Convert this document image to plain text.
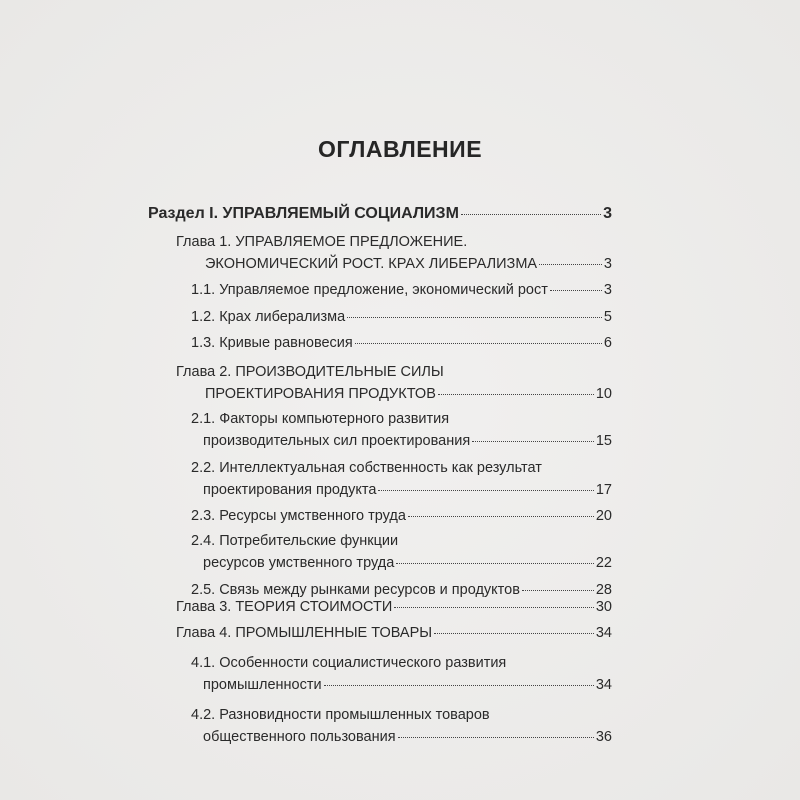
ОГЛАВЛЕНИЕ
Раздел I. УПРАВЛЯЕМЫЙ СОЦИАЛИЗМ	3
Глава 1. УПРАВЛЯЕМОЕ ПРЕДЛОЖЕНИЕ.
ЭКОНОМИЧЕСКИЙ РОСТ. КРАХ ЛИБЕРАЛИЗМА	3
1.1. Управляемое предложение, экономический рост	3
1.2. Крах либерализма	5
1.3. Кривые равновесия	6
Глава 2. ПРОИЗВОДИТЕЛЬНЫЕ СИЛЫ
ПРОЕКТИРОВАНИЯ ПРОДУКТОВ	10
2.1. Факторы компьютерного развития
производительных сил проектирования	15
2.2. Интеллектуальная собственность как результат
проектирования продукта	17
2.3. Ресурсы умственного труда	20
2.4. Потребительские функции
ресурсов умственного труда	22
2.5. Связь между рынками ресурсов и продуктов	28
Глава 3. ТЕОРИЯ СТОИМОСТИ	30
Глава 4. ПРОМЫШЛЕННЫЕ ТОВАРЫ	34
4.1. Особенности социалистического развития
промышленности	34
4.2. Разновидности промышленных товаров
общественного пользования	36
